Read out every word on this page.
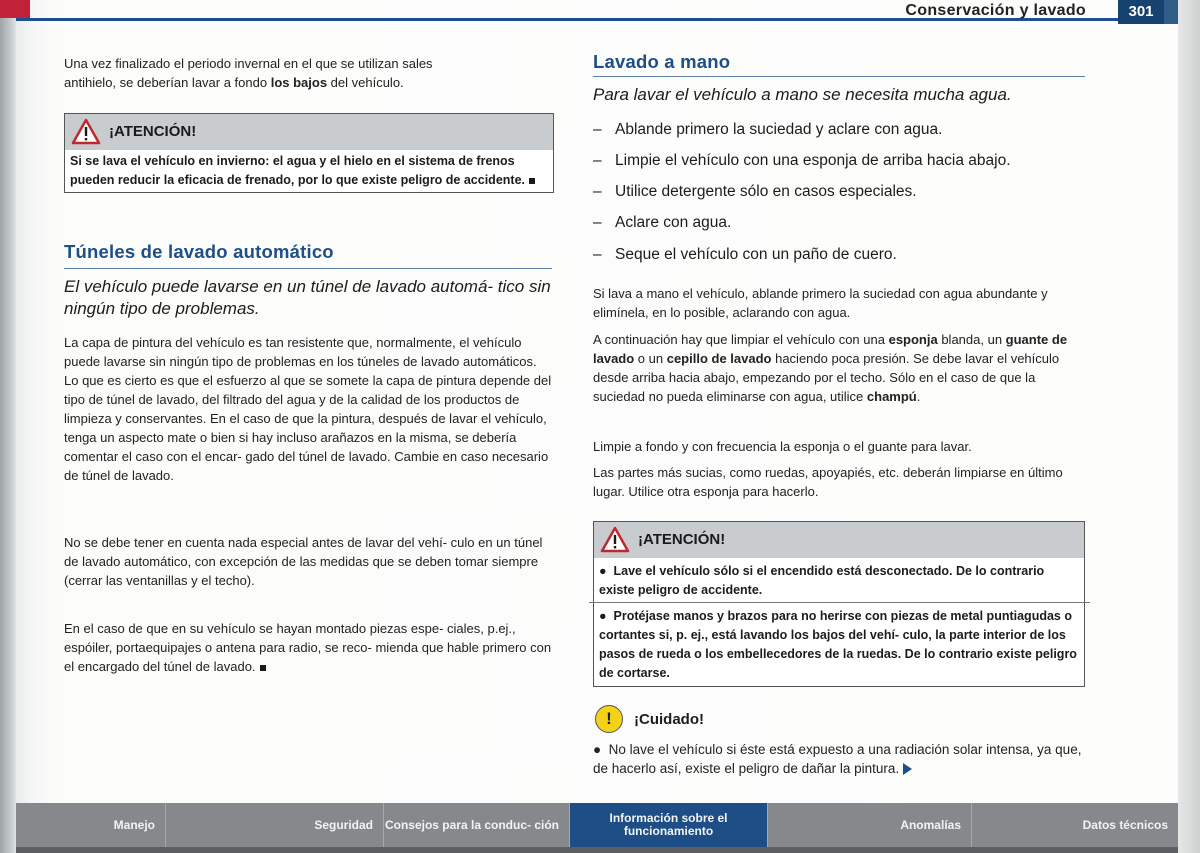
Conservación y lavado	301
Una vez finalizado el periodo invernal en el que se utilizan sales
antihielo, se deberían lavar a fondo los bajos del vehículo.
¡ATENCIÓN!
Si se lava el vehículo en invierno: el agua y el hielo en el sistema de frenos pueden reducir la eficacia de frenado, por lo que existe peligro de accidente.
Túneles de lavado automático
El vehículo puede lavarse en un túnel de lavado automá- tico sin ningún tipo de problemas.
La capa de pintura del vehículo es tan resistente que, normalmente, el vehículo puede lavarse sin ningún tipo de problemas en los túneles de lavado automáticos. Lo que es cierto es que el esfuerzo al que se somete la capa de pintura depende del tipo de túnel de lavado, del filtrado del agua y de la calidad de los productos de limpieza y conservantes. En el caso de que la pintura, después de lavar el vehículo, tenga un aspecto mate o bien si hay incluso arañazos en la misma, se debería comentar el caso con el encar- gado del túnel de lavado. Cambie en caso necesario de túnel de lavado.
No se debe tener en cuenta nada especial antes de lavar del vehí- culo en un túnel de lavado automático, con excepción de las medidas que se deben tomar siempre (cerrar las ventanillas y el techo).
En el caso de que en su vehículo se hayan montado piezas espe- ciales, p.ej., espóiler, portaequipajes o antena para radio, se reco- mienda que hable primero con el encargado del túnel de lavado.
Lavado a mano
Para lavar el vehículo a mano se necesita mucha agua.
– Ablande primero la suciedad y aclare con agua.
– Limpie el vehículo con una esponja de arriba hacia abajo.
– Utilice detergente sólo en casos especiales.
– Aclare con agua.
– Seque el vehículo con un paño de cuero.
Si lava a mano el vehículo, ablande primero la suciedad con agua abundante y elimínela, en lo posible, aclarando con agua.
A continuación hay que limpiar el vehículo con una esponja blanda, un guante de lavado o un cepillo de lavado haciendo poca presión. Se debe lavar el vehículo desde arriba hacia abajo, empezando por el techo. Sólo en el caso de que la suciedad no pueda eliminarse con agua, utilice champú.
Limpie a fondo y con frecuencia la esponja o el guante para lavar.
Las partes más sucias, como ruedas, apoyapiés, etc. deberán limpiarse en último lugar. Utilice otra esponja para hacerlo.
¡ATENCIÓN!
●  Lave el vehículo sólo si el encendido está desconectado. De lo contrario existe peligro de accidente.
●  Protéjase manos y brazos para no herirse con piezas de metal puntiagudas o cortantes si, p. ej., está lavando los bajos del vehí- culo, la parte interior de los pasos de rueda o los embellecedores de la ruedas. De lo contrario existe peligro de cortarse.
!	¡Cuidado!
●  No lave el vehículo si éste está expuesto a una radiación solar intensa, ya que, de hacerlo así, existe el peligro de dañar la pintura.
Manejo	Seguridad Consejos para la conduc- ción	Información sobre el funcionamiento	Anomalías	Datos técnicos
